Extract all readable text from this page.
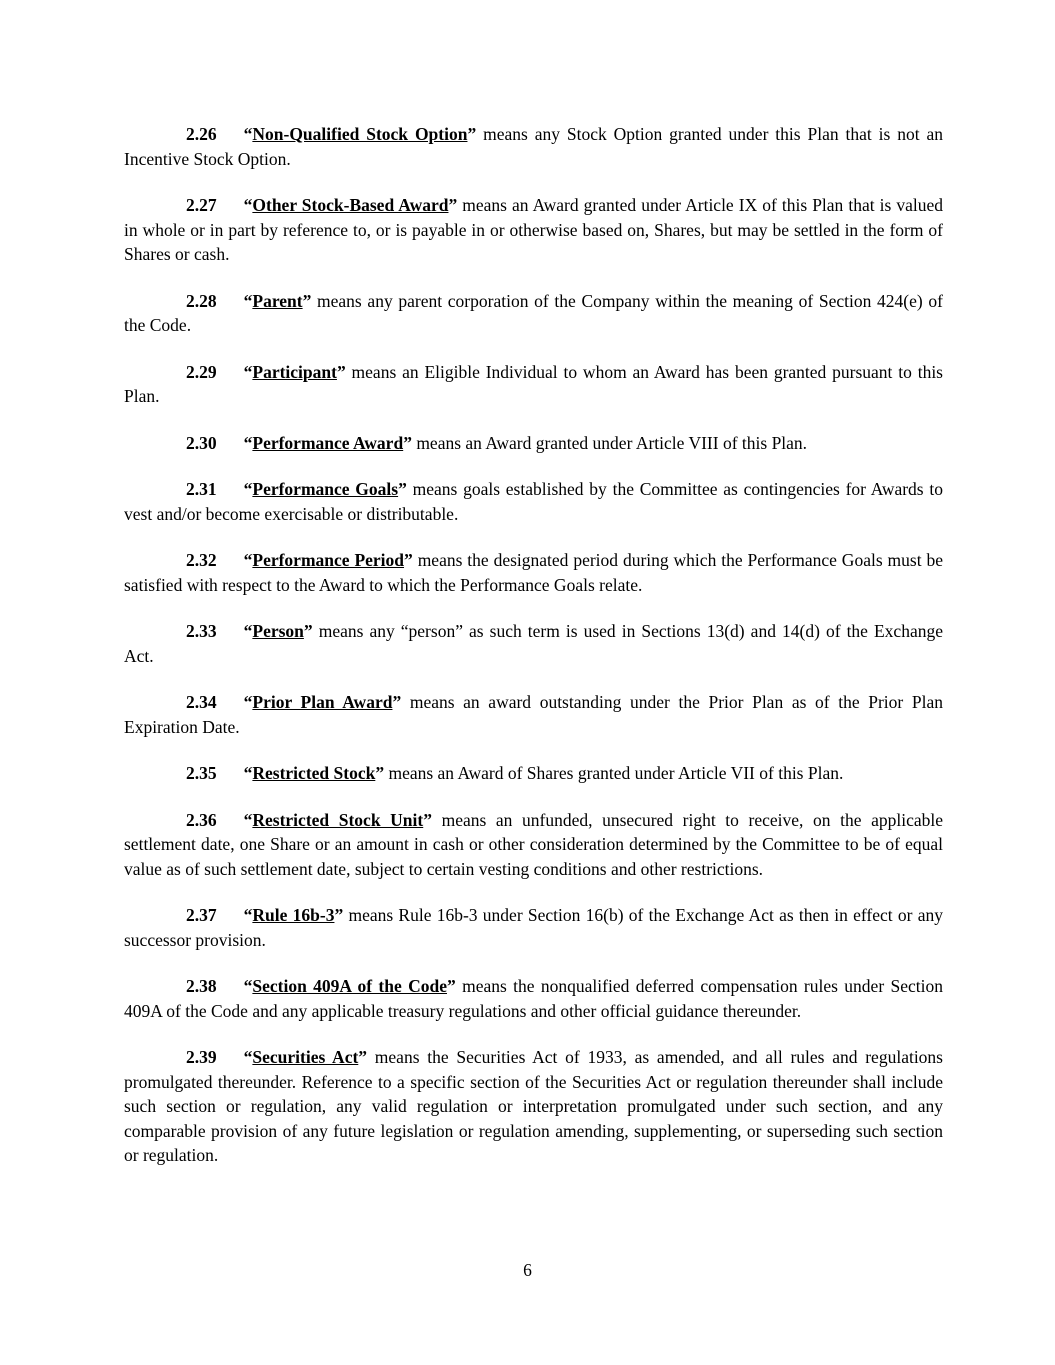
2.26 “Non-Qualified Stock Option” means any Stock Option granted under this Plan that is not an Incentive Stock Option.

2.27 “Other Stock-Based Award” means an Award granted under Article IX of this Plan that is valued in whole or in part by reference to, or is payable in or otherwise based on, Shares, but may be settled in the form of Shares or cash.

2.28 “Parent” means any parent corporation of the Company within the meaning of Section 424(e) of the Code.

2.29 “Participant” means an Eligible Individual to whom an Award has been granted pursuant to this Plan.

2.30 “Performance Award” means an Award granted under Article VIII of this Plan.

2.31 “Performance Goals” means goals established by the Committee as contingencies for Awards to vest and/or become exercisable or distributable.

2.32 “Performance Period” means the designated period during which the Performance Goals must be satisfied with respect to the Award to which the Performance Goals relate.

2.33 “Person” means any “person” as such term is used in Sections 13(d) and 14(d) of the Exchange Act.

2.34 “Prior Plan Award” means an award outstanding under the Prior Plan as of the Prior Plan Expiration Date.

2.35 “Restricted Stock” means an Award of Shares granted under Article VII of this Plan.

2.36 “Restricted Stock Unit” means an unfunded, unsecured right to receive, on the applicable settlement date, one Share or an amount in cash or other consideration determined by the Committee to be of equal value as of such settlement date, subject to certain vesting conditions and other restrictions.

2.37 “Rule 16b-3” means Rule 16b-3 under Section 16(b) of the Exchange Act as then in effect or any successor provision.

2.38 “Section 409A of the Code” means the nonqualified deferred compensation rules under Section 409A of the Code and any applicable treasury regulations and other official guidance thereunder.

2.39 “Securities Act” means the Securities Act of 1933, as amended, and all rules and regulations promulgated thereunder. Reference to a specific section of the Securities Act or regulation thereunder shall include such section or regulation, any valid regulation or interpretation promulgated under such section, and any comparable provision of any future legislation or regulation amending, supplementing, or superseding such section or regulation.

6
